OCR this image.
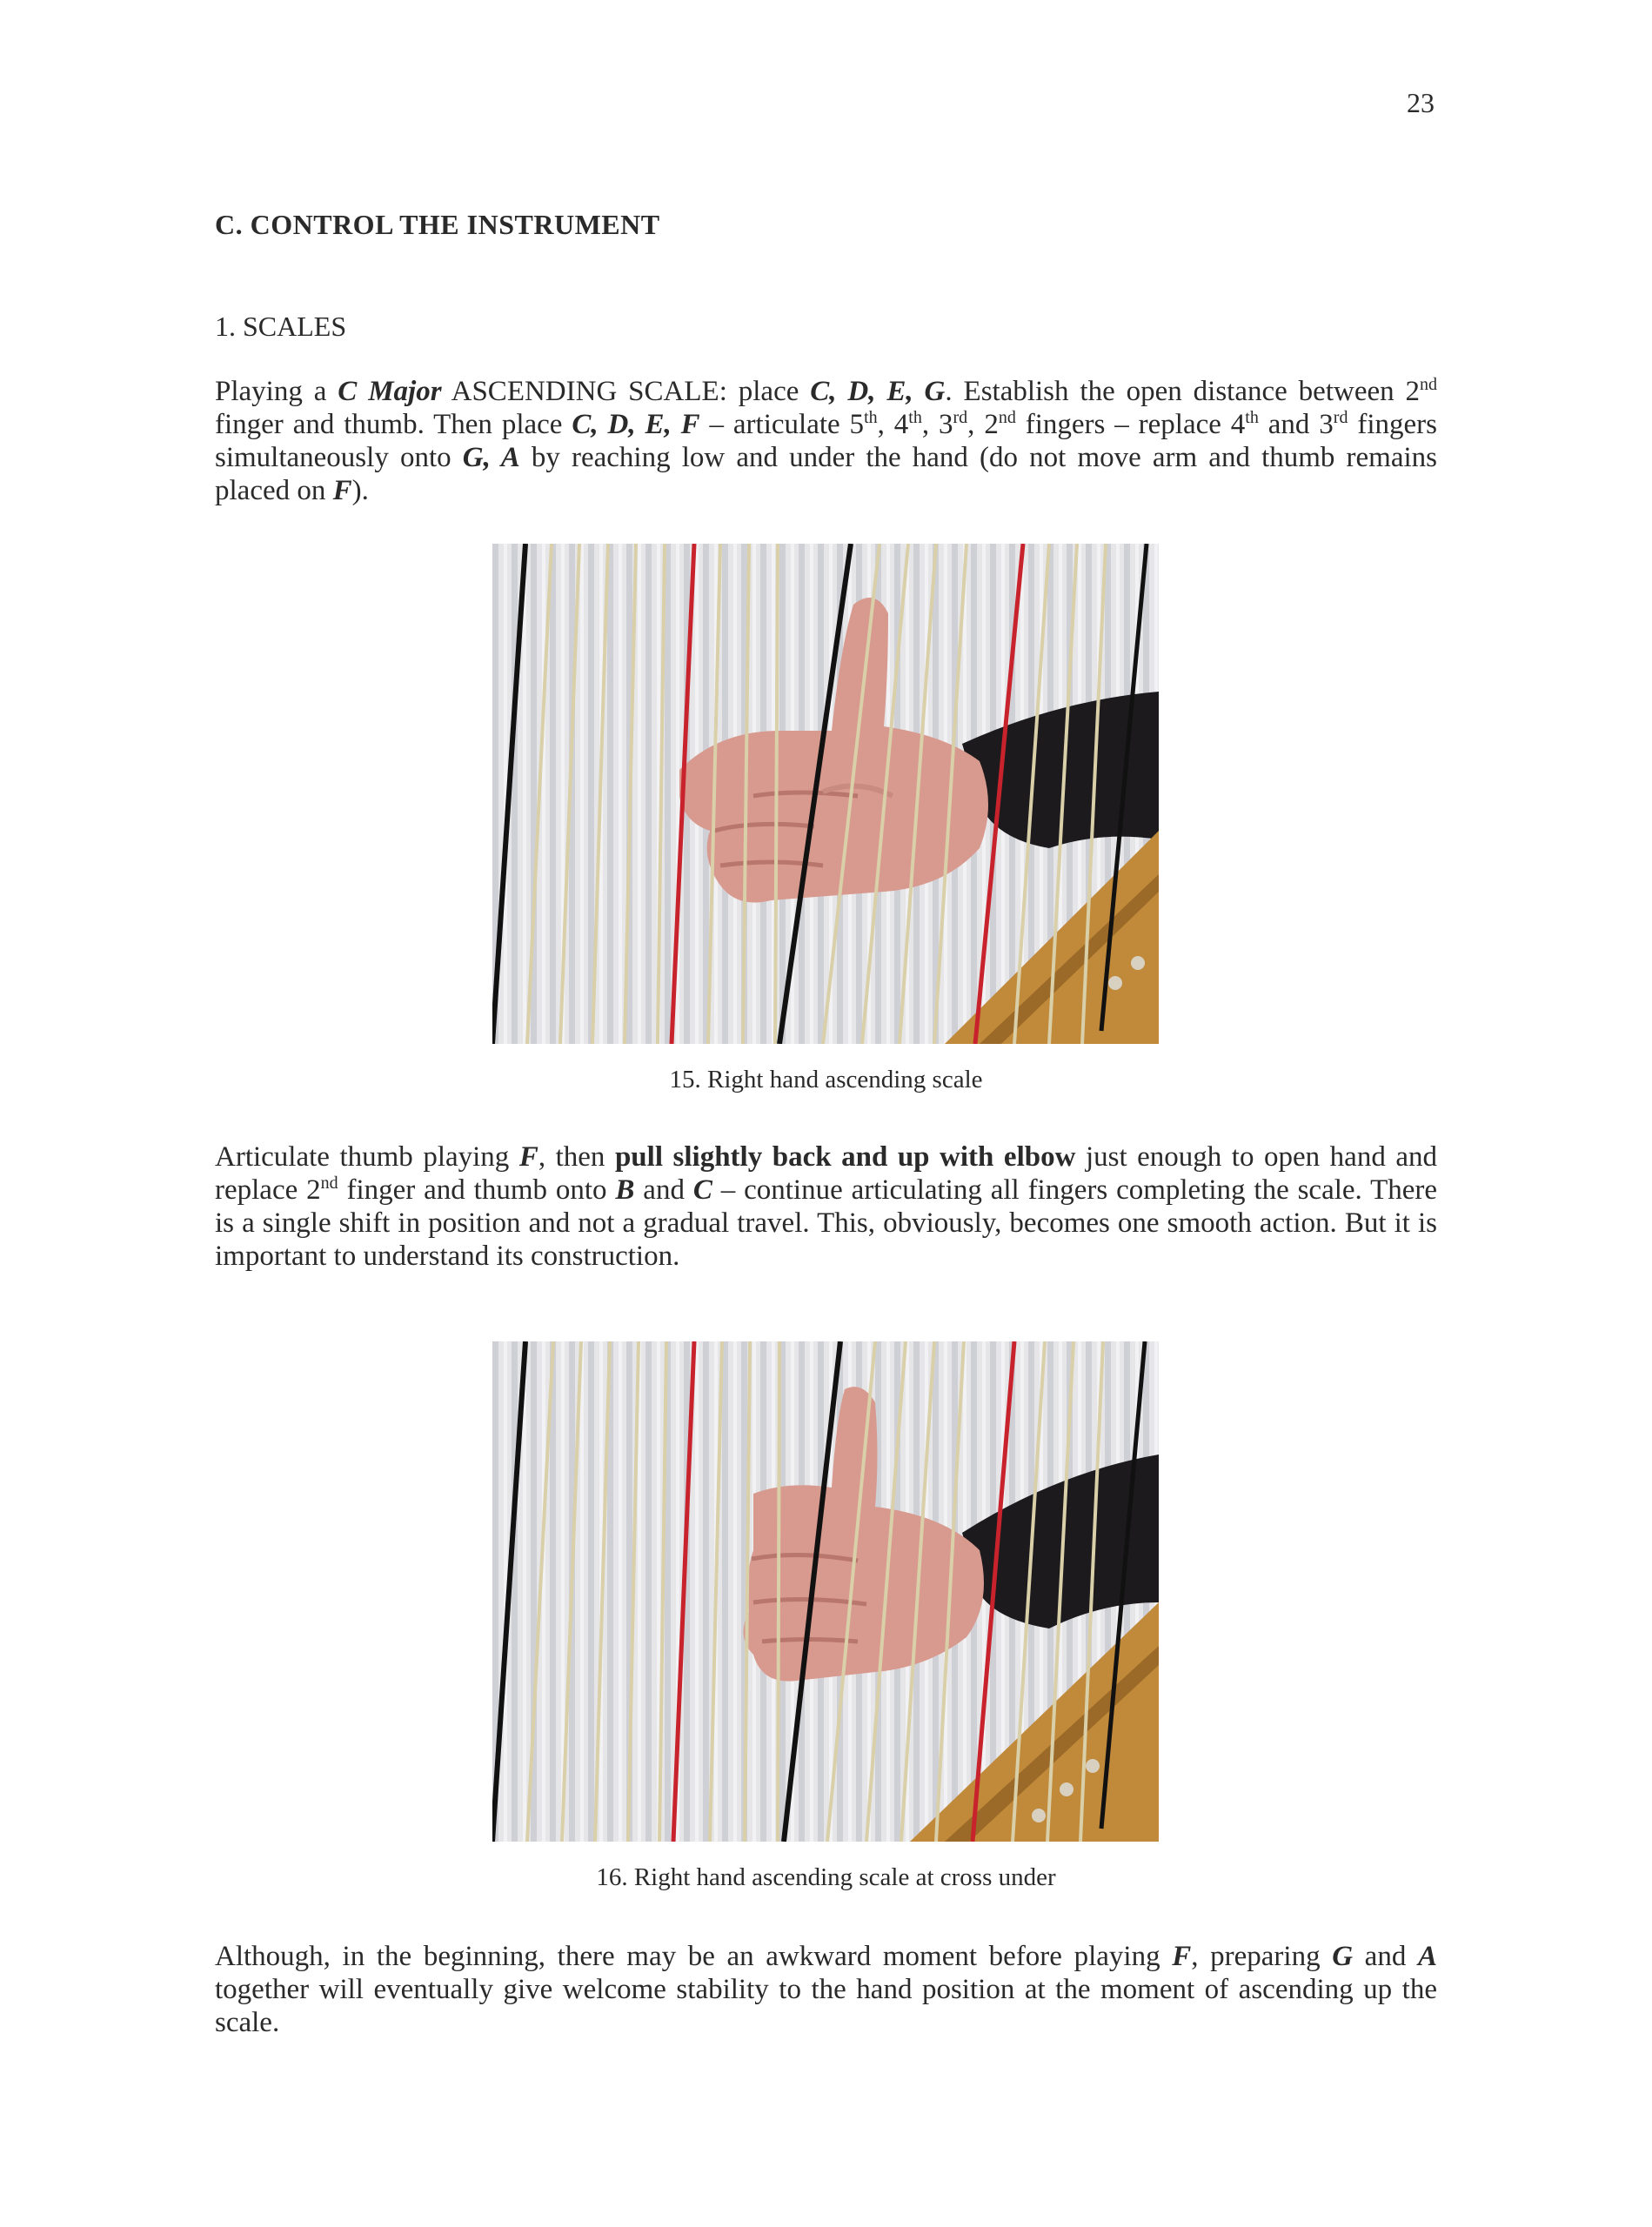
23
C. CONTROL THE INSTRUMENT
1. SCALES

Playing a C Major ASCENDING SCALE: place C, D, E, G. Establish the open distance between 2nd finger and thumb. Then place C, D, E, F – articulate 5th, 4th, 3rd, 2nd fingers – replace 4th and 3rd fingers simultaneously onto G, A by reaching low and under the hand (do not move arm and thumb remains placed on F).

15. Right hand ascending scale

Articulate thumb playing F, then pull slightly back and up with elbow just enough to open hand and replace 2nd finger and thumb onto B and C – continue articulating all fingers completing the scale. There is a single shift in position and not a gradual travel. This, obviously, becomes one smooth action. But it is important to understand its construction.

16. Right hand ascending scale at cross under

Although, in the beginning, there may be an awkward moment before playing F, preparing G and A together will eventually give welcome stability to the hand position at the moment of ascending up the scale.
